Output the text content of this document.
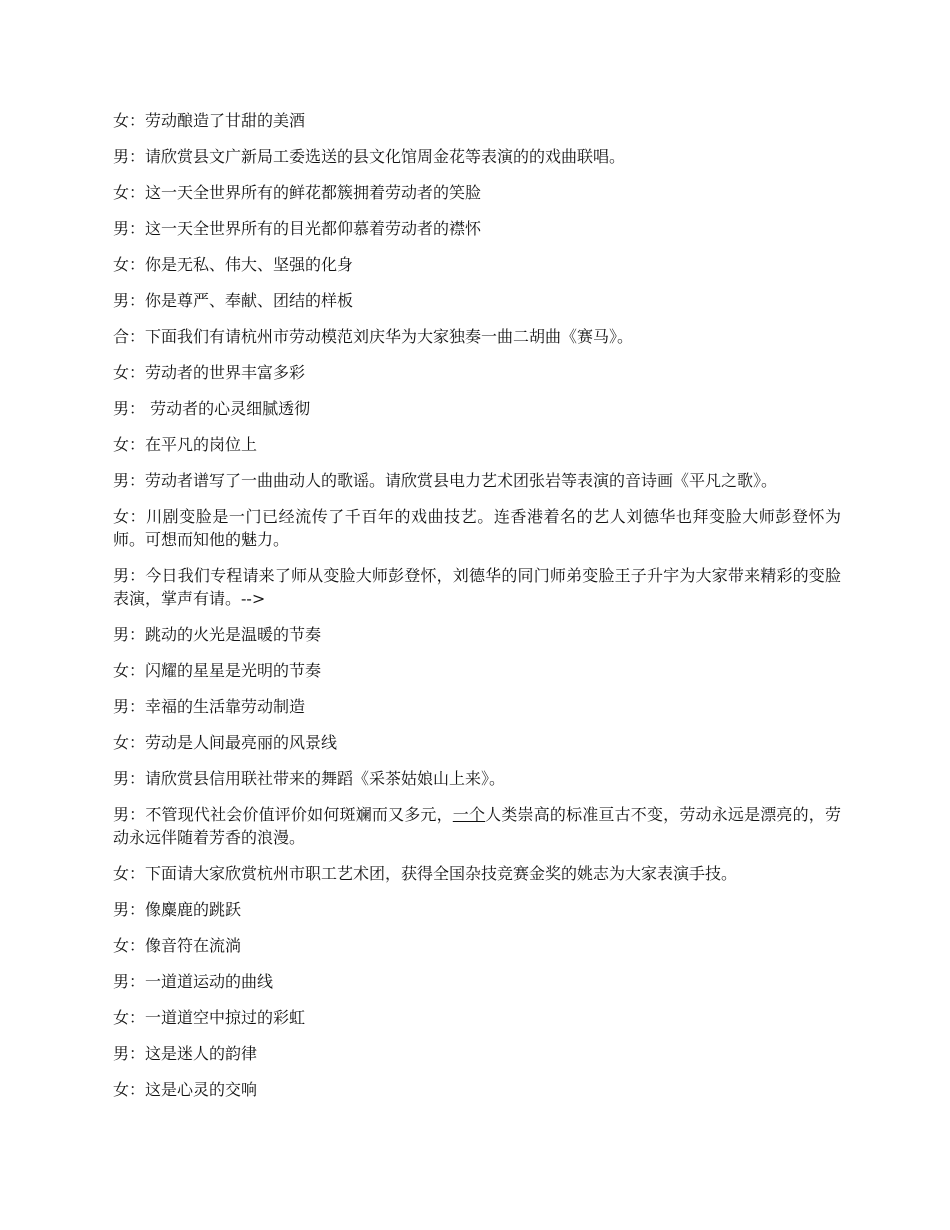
女：劳动酿造了甘甜的美酒

男：请欣赏县文广新局工委选送的县文化馆周金花等表演的的戏曲联唱。

女：这一天全世界所有的鲜花都簇拥着劳动者的笑脸

男：这一天全世界所有的目光都仰慕着劳动者的襟怀

女：你是无私、伟大、坚强的化身

男：你是尊严、奉献、团结的样板

合：下面我们有请杭州市劳动模范刘庆华为大家独奏一曲二胡曲《赛马》。

女：劳动者的世界丰富多彩

男： 劳动者的心灵细腻透彻

女：在平凡的岗位上

男：劳动者谱写了一曲曲动人的歌谣。请欣赏县电力艺术团张岩等表演的音诗画《平凡之歌》。

女：川剧变脸是一门已经流传了千百年的戏曲技艺。连香港着名的艺人刘德华也拜变脸大师彭登怀为师。可想而知他的魅力。

男：今日我们专程请来了师从变脸大师彭登怀，刘德华的同门师弟变脸王子升宇为大家带来精彩的变脸表演，掌声有请。-->

男：跳动的火光是温暖的节奏

女：闪耀的星星是光明的节奏

男：幸福的生活靠劳动制造

女：劳动是人间最亮丽的风景线

男：请欣赏县信用联社带来的舞蹈《采茶姑娘山上来》。

男：不管现代社会价值评价如何斑斓而又多元，一个人类崇高的标准亘古不变，劳动永远是漂亮的，劳动永远伴随着芳香的浪漫。

女：下面请大家欣赏杭州市职工艺术团，获得全国杂技竞赛金奖的姚志为大家表演手技。

男：像麋鹿的跳跃

女：像音符在流淌

男：一道道运动的曲线

女：一道道空中掠过的彩虹

男：这是迷人的韵律

女：这是心灵的交响
